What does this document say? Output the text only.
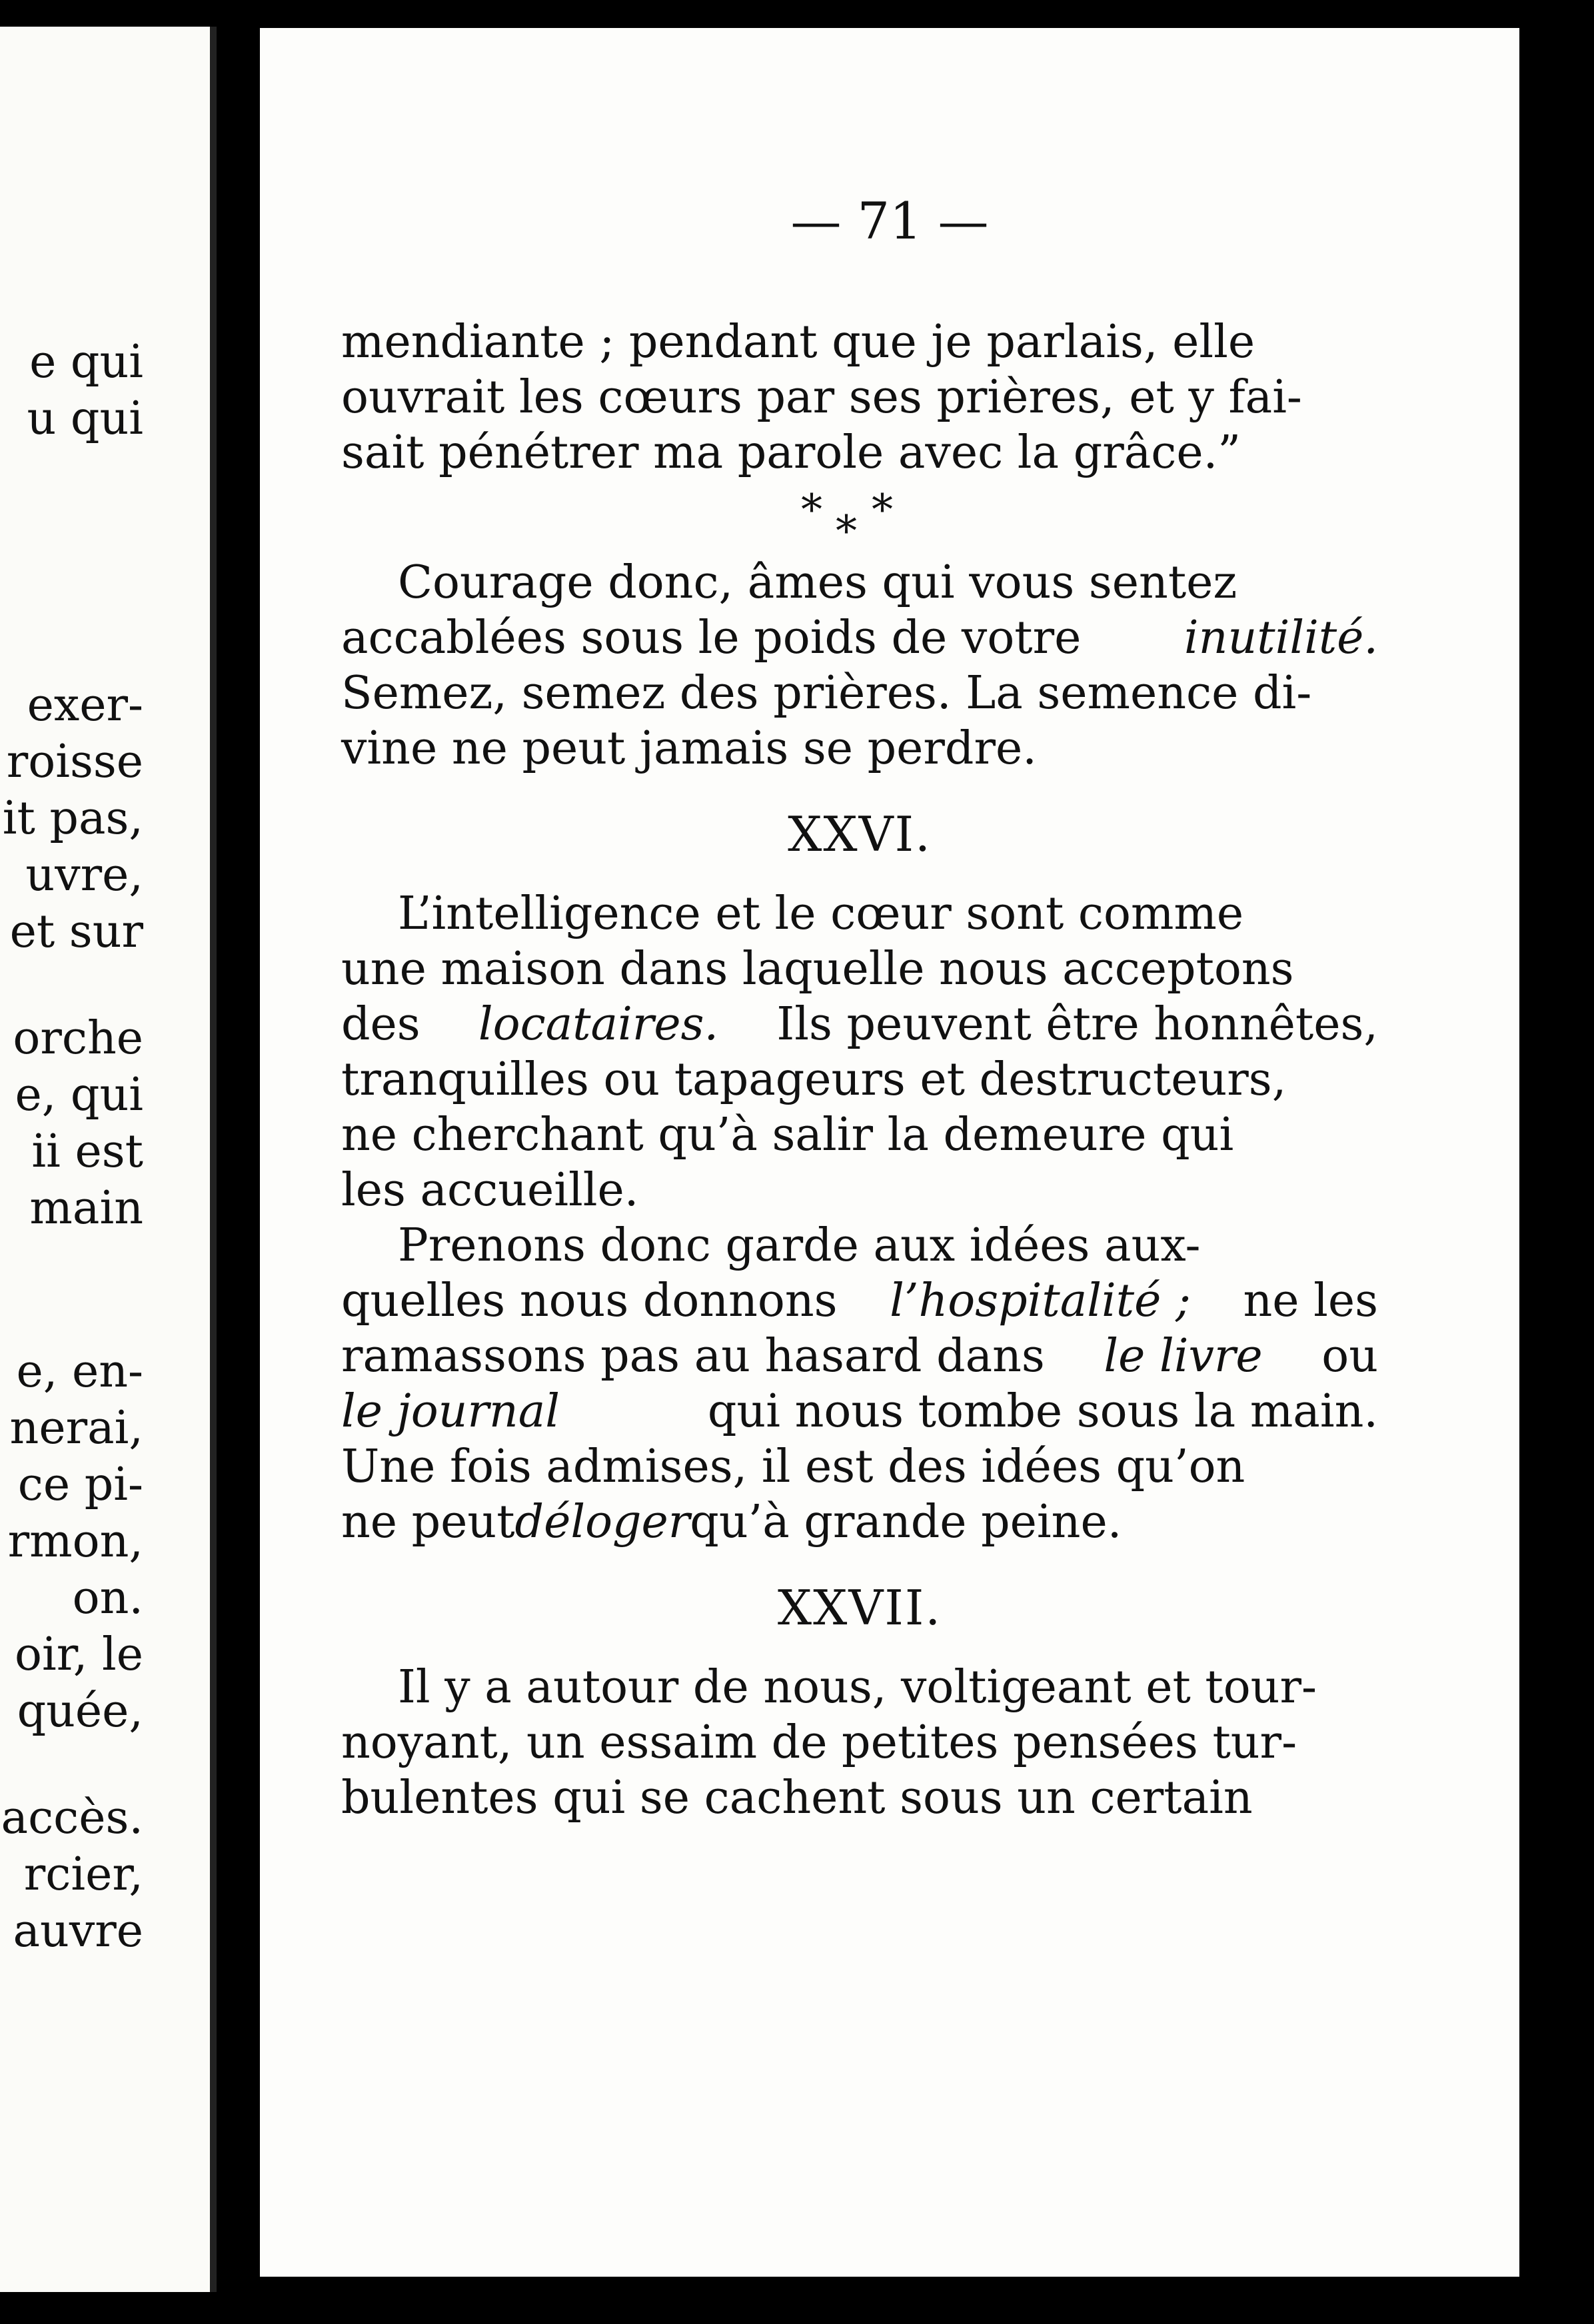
e qui
u qui
exer-
roisse
it pas,
uvre,
et sur
orche
e, qui
ii est
main
e, en-
nerai,
ce pi-
rmon,
on.
oir, le
quée,
accès.
rcier,
auvre
— 71 —
mendiante ; pendant que je parlais, elle
ouvrait les cœurs par ses prières, et y fai-
sait pénétrer ma parole avec la grâce.”
* * *
Courage donc, âmes qui vous sentez
accablées sous le poids de votre inutilité.
Semez, semez des prières. La semence di-
vine ne peut jamais se perdre.
XXVI.
L’intelligence et le cœur sont comme
une maison dans laquelle nous acceptons
des locataires. Ils peuvent être honnêtes,
tranquilles ou tapageurs et destructeurs,
ne cherchant qu’à salir la demeure qui
les accueille.
Prenons donc garde aux idées aux-
quelles nous donnons l’hospitalité ; ne les
ramassons pas au hasard dans le livre ou
le journal	qui nous tombe sous la main.
Une fois admises, il est des idées qu’on
ne peut déloger qu’à grande peine.
XXVII.
Il y a autour de nous, voltigeant et tour-
noyant, un essaim de petites pensées tur-
bulentes qui se cachent sous un certain
